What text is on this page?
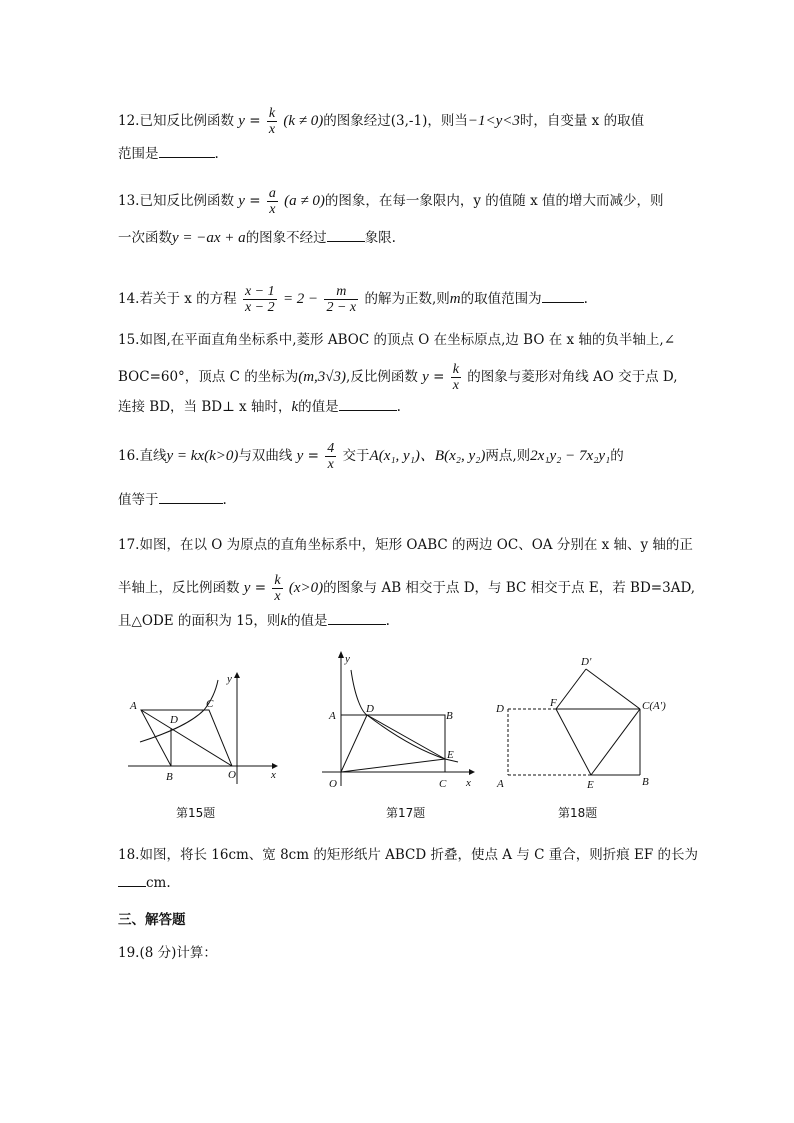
12.已知反比例函数 $y = \frac{k}{x} (k \ne 0)$的图象经过(3,-1)，则当−1<y<3时，自变量 x 的取值
范围是	.
13.已知反比例函数 $y = \frac{a}{x} (a \ne 0)$的图象，在每一象限内，y 的值随 x 值的增大而减少，则
一次函数y = −ax + a的图象不经过	象限.
14.若关于 x 的方程 $\frac{x - 1}{x - 2} = 2 - \frac{m}{2 - x}$ 的解为正数,则m的取值范围为	.
15.如图,在平面直角坐标系中,菱形 ABOC 的顶点 O 在坐标原点,边 BO 在 x 轴的负半轴上,∠
BOC=60°，顶点 C 的坐标为(m,3√3),反比例函数 $y = \frac{k}{x}$ 的图象与菱形对角线 AO 交于点 D,
连接 BD，当 BD⊥ x 轴时，k的值是	.
16.直线y = kx(k>0)与双曲线 $y = \frac{4}{x}$ 交于A(x₁, y₁)、B(x₂, y₂)两点,则2x₁y₂ − 7x₂y₁的
值等于	.
17.如图，在以 O 为原点的直角坐标系中，矩形 OABC 的两边 OC、OA 分别在 x 轴、y 轴的正
半轴上，反比例函数 $y = \frac{k}{x} (x>0)$的图象与 AB 相交于点 D，与 BC 相交于点 E，若 BD=3AD,
且△ODE 的面积为 15，则k的值是	.
A	C
D
B	O	x
y
第15题
y
A
D
B
E
O	C x
第17题
D'
D	F	C(A')
A	E	B
第18题
18.如图，将长 16cm、宽 8cm 的矩形纸片 ABCD 折叠，使点 A 与 C 重合，则折痕 EF 的长为
cm.
三、解答题
19.(8 分)计算：
